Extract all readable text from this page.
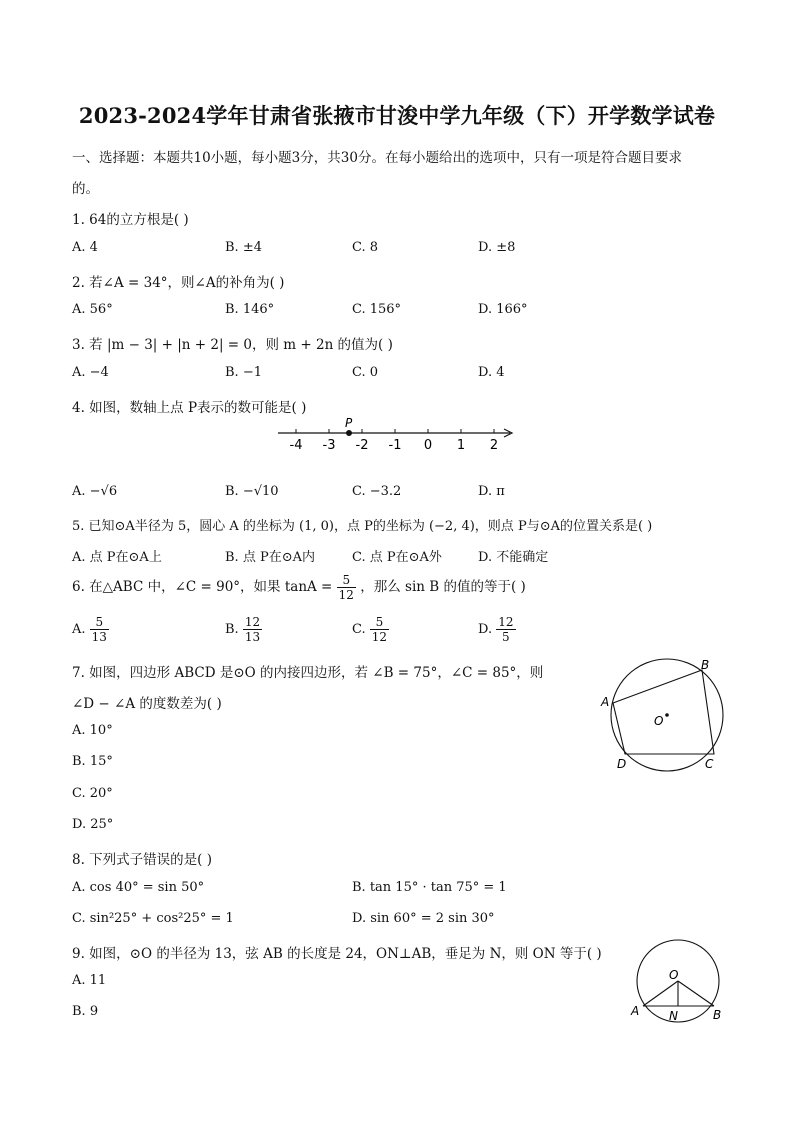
2023-2024学年甘肃省张掖市甘浚中学九年级（下）开学数学试卷
一、选择题：本题共10小题，每小题3分，共30分。在每小题给出的选项中，只有一项是符合题目要求
的。
1. 64的立方根是( )
A. 4	B. ±4	C. 8	D. ±8
2. 若∠A = 34°，则∠A的补角为( )
A. 56°	B. 146°	C. 156°	D. 166°
3. 若 |m − 3| + |n + 2| = 0，则 m + 2n 的值为( )
A. −4	B. −1	C. 0	D. 4
4. 如图，数轴上点 P表示的数可能是( )
-4 -3 -2 -1 0 1 2
P
A. −√6	B. −√10	C. −3.2	D. π
5. 已知⊙A半径为 5，圆心 A 的坐标为 (1, 0)，点 P的坐标为 (−2, 4)，则点 P与⊙A的位置关系是( )
A. 点 P在⊙A上	B. 点 P在⊙A内	C. 点 P在⊙A外	D. 不能确定
6. 在△ABC 中，∠C = 90°，如果 $\tan A = \frac{5}{12}$ ，那么 sin B 的值的等于( )
A. $\frac{5}{13}$	B. $\frac{12}{13}$	C. $\frac{5}{12}$	D. $\frac{12}{5}$
7. 如图，四边形 ABCD 是⊙O 的内接四边形，若 ∠B = 75°，∠C = 85°，则
∠D − ∠A 的度数差为( )
A. 10°
B. 15°
C. 20°
D. 25°
A
B
C
D
O
8. 下列式子错误的是( )
A. cos 40° = sin 50°	B. tan 15° · tan 75° = 1
C. sin²25° + cos²25° = 1	D. sin 60° = 2 sin 30°
9. 如图，⊙O 的半径为 13，弦 AB 的长度是 24，ON⊥AB，垂足为 N，则 ON 等于( )
A. 11
B. 9
O
A N	B
